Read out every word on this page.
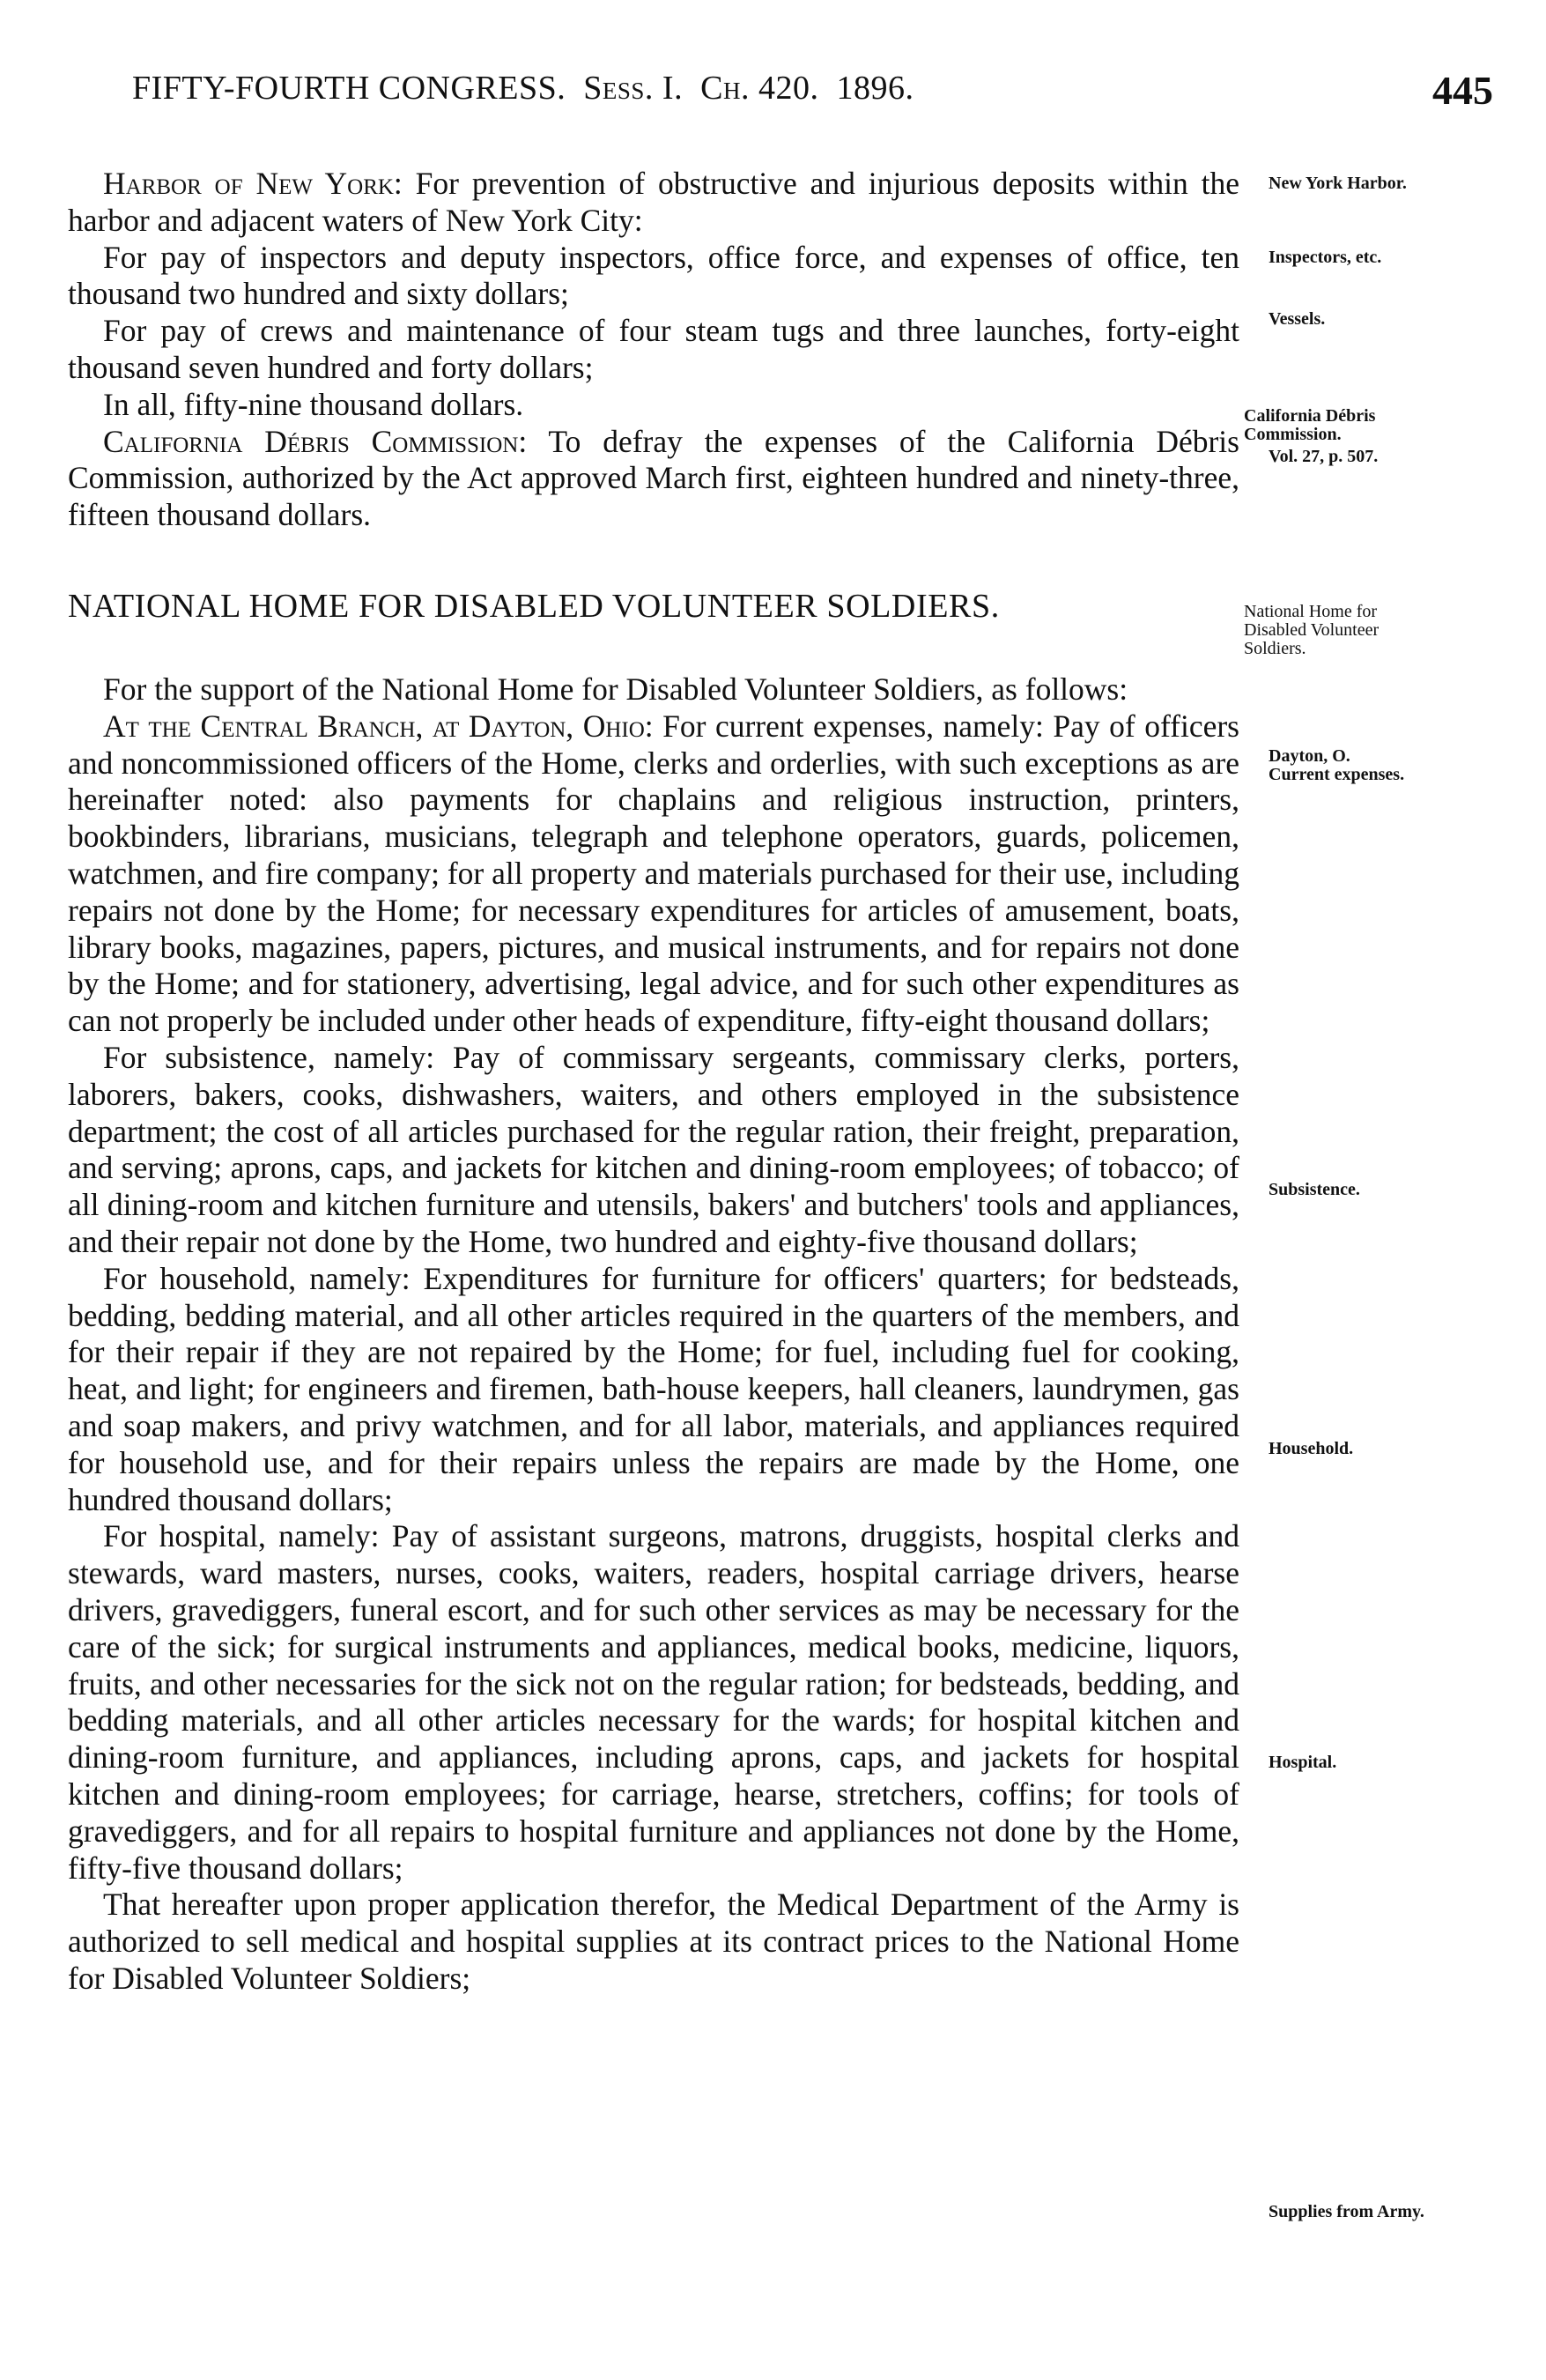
FIFTY-FOURTH CONGRESS. Sess. I. Ch. 420. 1896.	445

Harbor of New York: For prevention of obstructive and injurious deposits within the harbor and adjacent waters of New York City:

For pay of inspectors and deputy inspectors, office force, and expenses of office, ten thousand two hundred and sixty dollars;

For pay of crews and maintenance of four steam tugs and three launches, forty-eight thousand seven hundred and forty dollars;

In all, fifty-nine thousand dollars.

California Débris Commission: To defray the expenses of the California Débris Commission, authorized by the Act approved March first, eighteen hundred and ninety-three, fifteen thousand dollars.

NATIONAL HOME FOR DISABLED VOLUNTEER SOLDIERS.

For the support of the National Home for Disabled Volunteer Soldiers, as follows:

At the Central Branch, at Dayton, Ohio: For current expenses, namely: Pay of officers and noncommissioned officers of the Home, clerks and orderlies, with such exceptions as are hereinafter noted: also payments for chaplains and religious instruction, printers, bookbinders, librarians, musicians, telegraph and telephone operators, guards, policemen, watchmen, and fire company; for all property and materials purchased for their use, including repairs not done by the Home; for necessary expenditures for articles of amusement, boats, library books, magazines, papers, pictures, and musical instruments, and for repairs not done by the Home; and for stationery, advertising, legal advice, and for such other expenditures as can not properly be included under other heads of expenditure, fifty-eight thousand dollars;

For subsistence, namely: Pay of commissary sergeants, commissary clerks, porters, laborers, bakers, cooks, dishwashers, waiters, and others employed in the subsistence department; the cost of all articles purchased for the regular ration, their freight, preparation, and serving; aprons, caps, and jackets for kitchen and dining-room employees; of tobacco; of all dining-room and kitchen furniture and utensils, bakers' and butchers' tools and appliances, and their repair not done by the Home, two hundred and eighty-five thousand dollars;

For household, namely: Expenditures for furniture for officers' quarters; for bedsteads, bedding, bedding material, and all other articles required in the quarters of the members, and for their repair if they are not repaired by the Home; for fuel, including fuel for cooking, heat, and light; for engineers and firemen, bath-house keepers, hall cleaners, laundrymen, gas and soap makers, and privy watchmen, and for all labor, materials, and appliances required for household use, and for their repairs unless the repairs are made by the Home, one hundred thousand dollars;

For hospital, namely: Pay of assistant surgeons, matrons, druggists, hospital clerks and stewards, ward masters, nurses, cooks, waiters, readers, hospital carriage drivers, hearse drivers, gravediggers, funeral escort, and for such other services as may be necessary for the care of the sick; for surgical instruments and appliances, medical books, medicine, liquors, fruits, and other necessaries for the sick not on the regular ration; for bedsteads, bedding, and bedding materials, and all other articles necessary for the wards; for hospital kitchen and dining-room furniture, and appliances, including aprons, caps, and jackets for hospital kitchen and dining-room employees; for carriage, hearse, stretchers, coffins; for tools of gravediggers, and for all repairs to hospital furniture and appliances not done by the Home, fifty-five thousand dollars;

That hereafter upon proper application therefor, the Medical Department of the Army is authorized to sell medical and hospital supplies at its contract prices to the National Home for Disabled Volunteer Soldiers;

New York Harbor.
Inspectors, etc.
Vessels.
California Débris
Commission.
Vol. 27, p. 507.
National Home for
Disabled Volunteer
Soldiers.
Dayton, O.
Current expenses.
Subsistence.
Household.
Hospital.
Supplies from Army.
